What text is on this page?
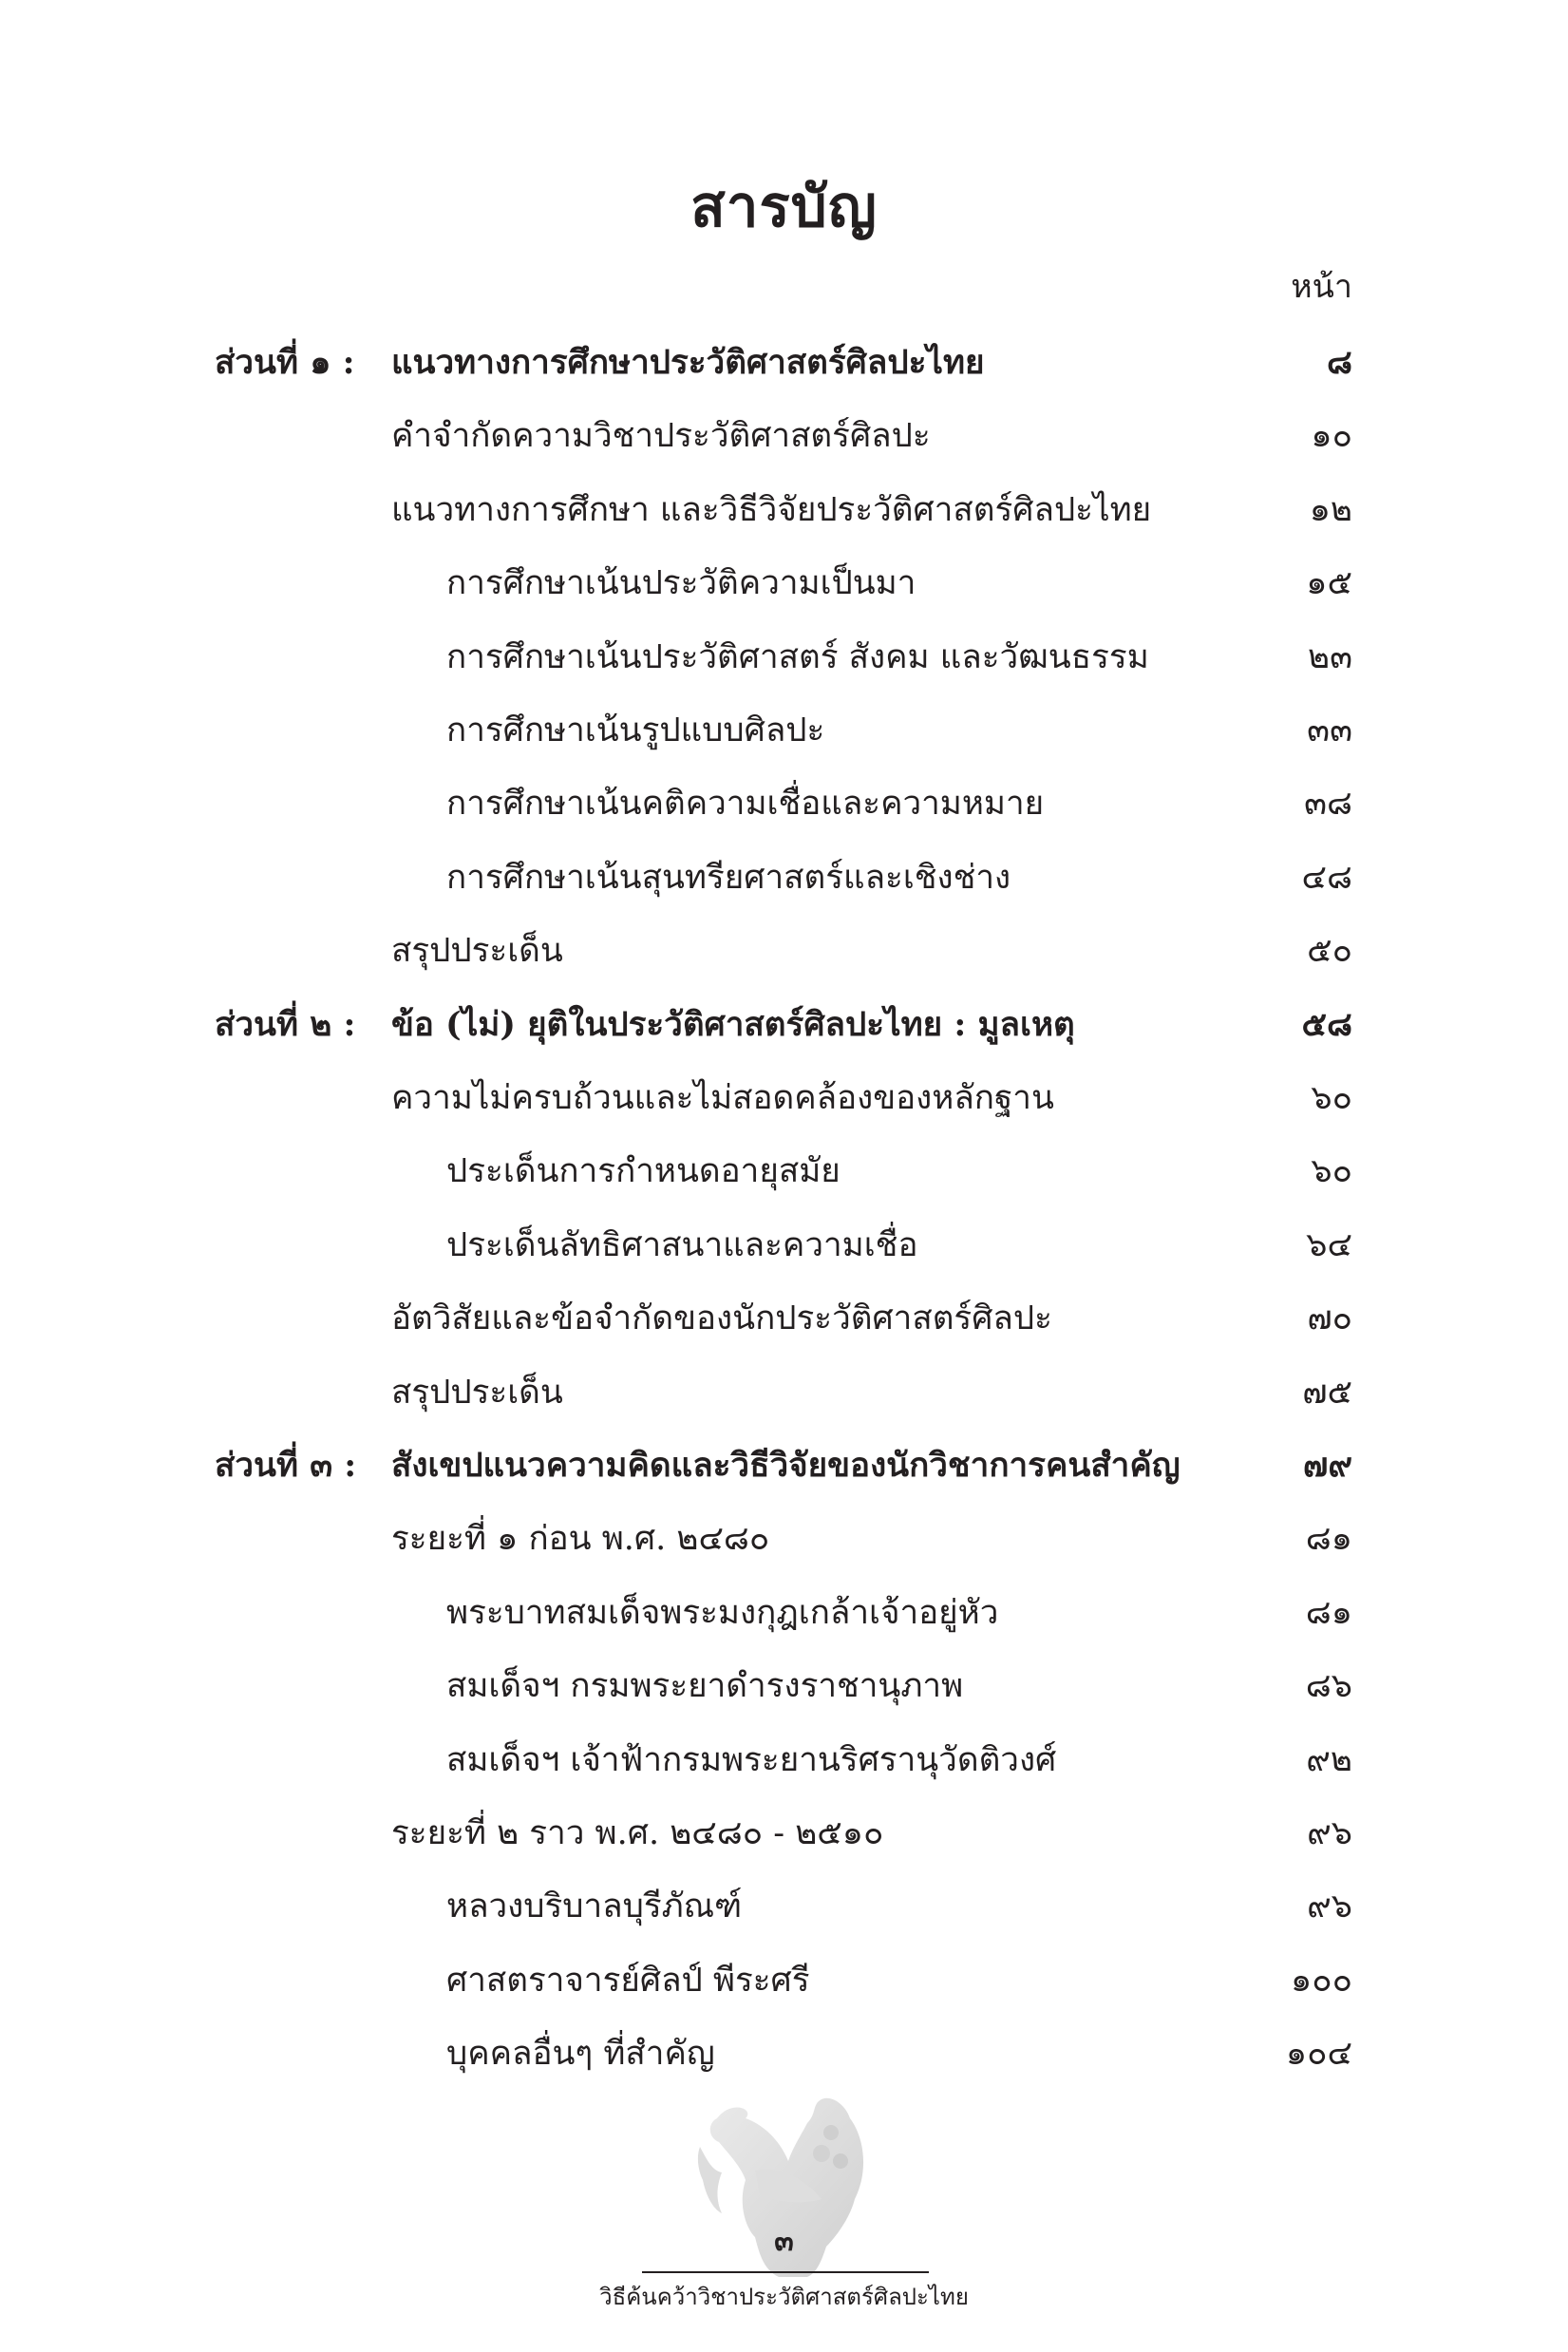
สารบัญ
หน้า
ส่วนที่ ๑ : แนวทางการศึกษาประวัติศาสตร์ศิลปะไทย	๘
คำจำกัดความวิชาประวัติศาสตร์ศิลปะ	๑๐
แนวทางการศึกษา และวิธีวิจัยประวัติศาสตร์ศิลปะไทย	๑๒
การศึกษาเน้นประวัติความเป็นมา	๑๕
การศึกษาเน้นประวัติศาสตร์ สังคม และวัฒนธรรม	๒๓
การศึกษาเน้นรูปแบบศิลปะ	๓๓
การศึกษาเน้นคติความเชื่อและความหมาย	๓๘
การศึกษาเน้นสุนทรียศาสตร์และเชิงช่าง	๔๘
สรุปประเด็น	๕๐
ส่วนที่ ๒ : ข้อ (ไม่) ยุติในประวัติศาสตร์ศิลปะไทย : มูลเหตุ	๕๘
ความไม่ครบถ้วนและไม่สอดคล้องของหลักฐาน	๖๐
ประเด็นการกำหนดอายุสมัย	๖๐
ประเด็นลัทธิศาสนาและความเชื่อ	๖๔
อัตวิสัยและข้อจำกัดของนักประวัติศาสตร์ศิลปะ	๗๐
สรุปประเด็น	๗๕
ส่วนที่ ๓ : สังเขปแนวความคิดและวิธีวิจัยของนักวิชาการคนสำคัญ	๗๙
ระยะที่ ๑ ก่อน พ.ศ. ๒๔๘๐	๘๑
พระบาทสมเด็จพระมงกุฎเกล้าเจ้าอยู่หัว	๘๑
สมเด็จฯ กรมพระยาดำรงราชานุภาพ	๘๖
สมเด็จฯ เจ้าฟ้ากรมพระยานริศรานุวัดติวงศ์	๙๒
ระยะที่ ๒ ราว พ.ศ. ๒๔๘๐ - ๒๕๑๐	๙๖
หลวงบริบาลบุรีภัณฑ์	๙๖
ศาสตราจารย์ศิลป์ พีระศรี	๑๐๐
บุคคลอื่นๆ ที่สำคัญ	๑๐๔
๓
วิธีค้นคว้าวิชาประวัติศาสตร์ศิลปะไทย
